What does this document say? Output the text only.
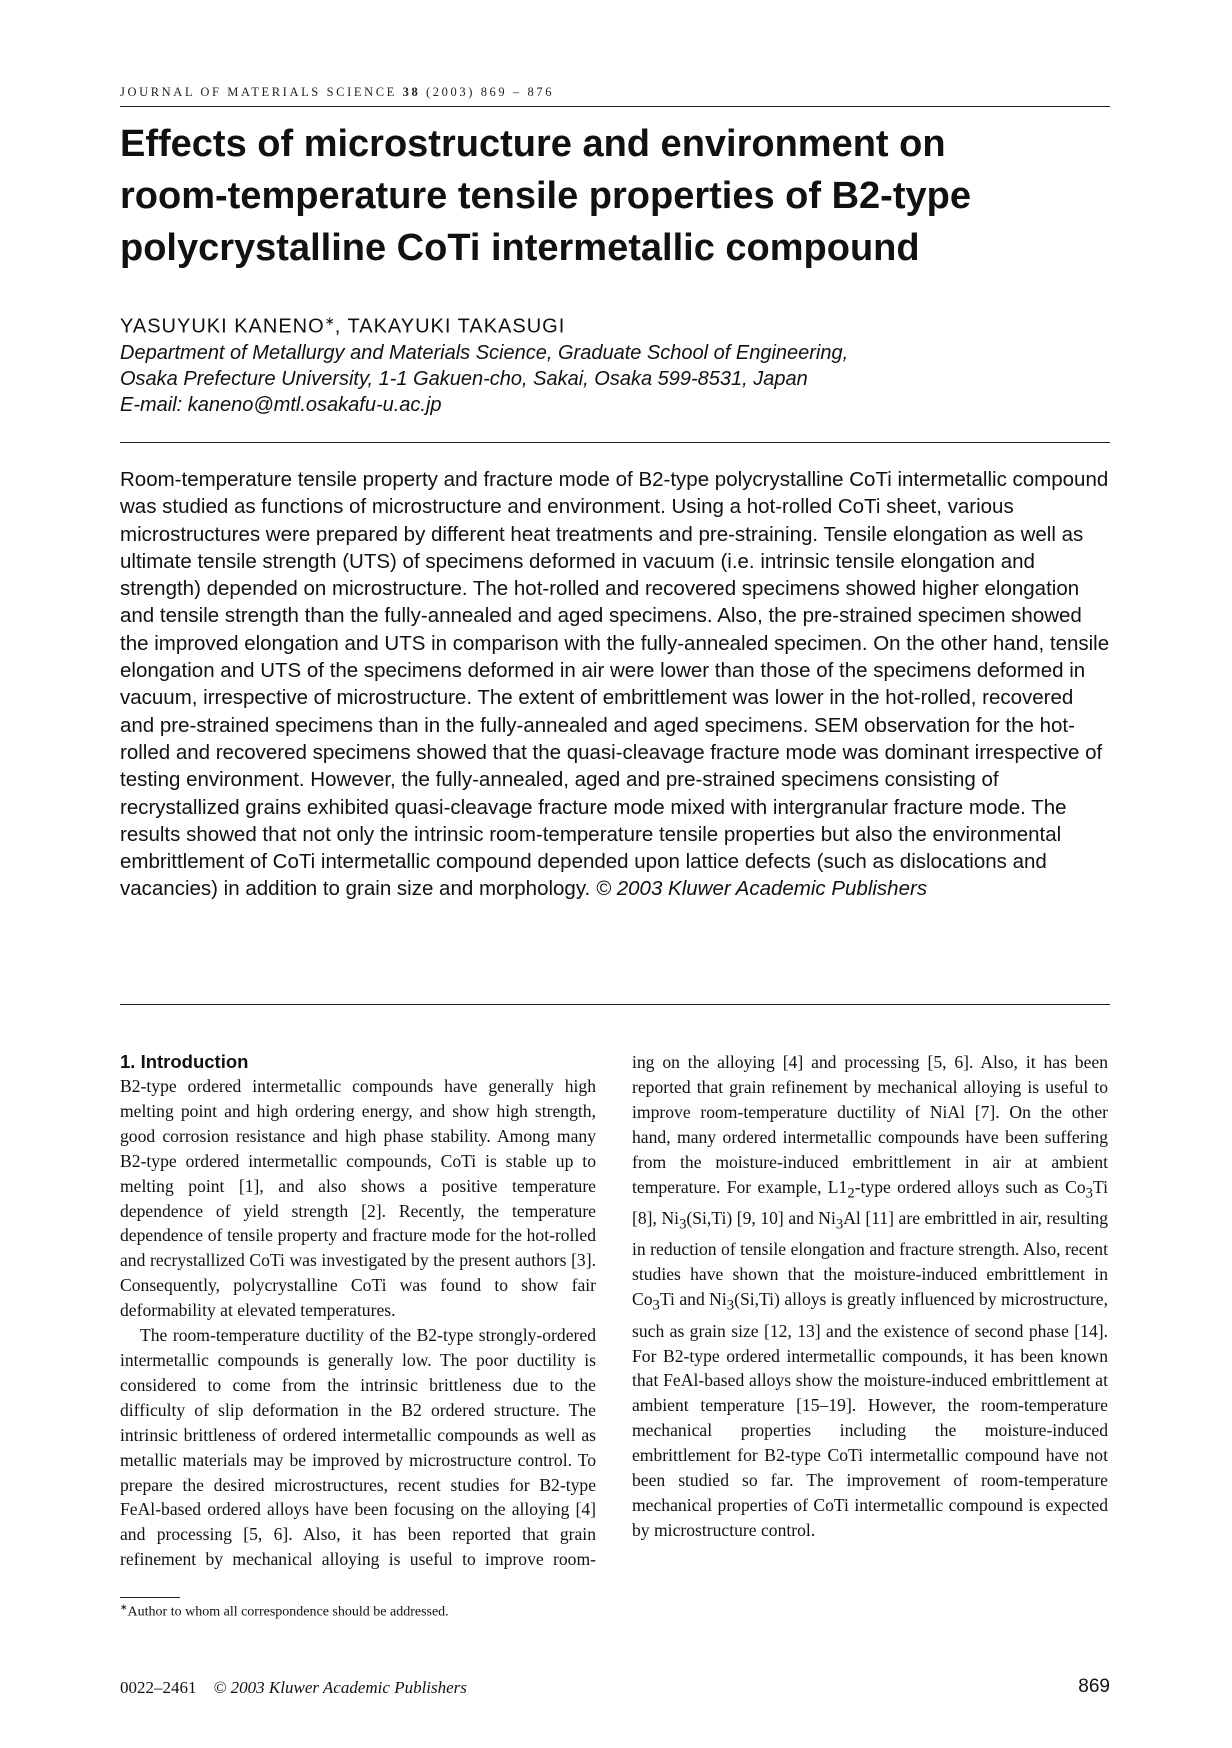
JOURNAL OF MATERIALS SCIENCE 38 (2003) 869 – 876
Effects of microstructure and environment on
room-temperature tensile properties of B2-type
polycrystalline CoTi intermetallic compound
YASUYUKI KANENO∗, TAKAYUKI TAKASUGI
Department of Metallurgy and Materials Science, Graduate School of Engineering,
Osaka Prefecture University, 1-1 Gakuen-cho, Sakai, Osaka 599-8531, Japan
E-mail: kaneno@mtl.osakafu-u.ac.jp
Room-temperature tensile property and fracture mode of B2-type polycrystalline CoTi intermetallic compound was studied as functions of microstructure and environment. Using a hot-rolled CoTi sheet, various microstructures were prepared by different heat treatments and pre-straining. Tensile elongation as well as ultimate tensile strength (UTS) of specimens deformed in vacuum (i.e. intrinsic tensile elongation and strength) depended on microstructure. The hot-rolled and recovered specimens showed higher elongation and tensile strength than the fully-annealed and aged specimens. Also, the pre-strained specimen showed the improved elongation and UTS in comparison with the fully-annealed specimen. On the other hand, tensile elongation and UTS of the specimens deformed in air were lower than those of the specimens deformed in vacuum, irrespective of microstructure. The extent of embrittlement was lower in the hot-rolled, recovered and pre-strained specimens than in the fully-annealed and aged specimens. SEM observation for the hot-rolled and recovered specimens showed that the quasi-cleavage fracture mode was dominant irrespective of testing environment. However, the fully-annealed, aged and pre-strained specimens consisting of recrystallized grains exhibited quasi-cleavage fracture mode mixed with intergranular fracture mode. The results showed that not only the intrinsic room-temperature tensile properties but also the environmental embrittlement of CoTi intermetallic compound depended upon lattice defects (such as dislocations and vacancies) in addition to grain size and morphology. © 2003 Kluwer Academic Publishers
1. Introduction

B2-type ordered intermetallic compounds have generally high melting point and high ordering energy, and show high strength, good corrosion resistance and high phase stability. Among many B2-type ordered intermetallic compounds, CoTi is stable up to melting point [1], and also shows a positive temperature dependence of yield strength [2]. Recently, the temperature dependence of tensile property and fracture mode for the hot-rolled and recrystallized CoTi was investigated by the present authors [3]. Consequently, polycrystalline CoTi was found to show fair deformability at elevated temperatures.

The room-temperature ductility of the B2-type strongly-ordered intermetallic compounds is generally low. The poor ductility is considered to come from the intrinsic brittleness due to the difficulty of slip deformation in the B2 ordered structure. The intrinsic brittleness of ordered intermetallic compounds as well as metallic materials may be improved by microstructure control. To prepare the desired microstructures, recent studies for B2-type FeAl-based ordered alloys have been focusing on the alloying [4] and processing [5, 6]. Also, it has been reported that grain refinement by mechanical alloying is useful to improve room-

ing on the alloying [4] and processing [5, 6]. Also, it has been reported that grain refinement by mechanical alloying is useful to improve room-temperature ductility of NiAl [7]. On the other hand, many ordered intermetallic compounds have been suffering from the moisture-induced embrittlement in air at ambient temperature. For example, $L1_2$-type ordered alloys such as $Co_3Ti$ [8], $Ni_3(Si,Ti)$ [9, 10] and $Ni_3Al$ [11] are embrittled in air, resulting in reduction of tensile elongation and fracture strength. Also, recent studies have shown that the moisture-induced embrittlement in $Co_3Ti$ and $Ni_3(Si,Ti)$ alloys is greatly influenced by microstructure, such as grain size [12, 13] and the existence of second phase [14]. For B2-type ordered intermetallic compounds, it has been known that FeAl-based alloys show the moisture-induced embrittlement at ambient temperature [15–19]. However, the room-temperature mechanical properties including the moisture-induced embrittlement for B2-type CoTi intermetallic compound have not been studied so far. The improvement of room-temperature mechanical properties of CoTi intermetallic compound is expected by microstructure control.

∗Author to whom all correspondence should be addressed.
0022–2461 © 2003 Kluwer Academic Publishers	869
